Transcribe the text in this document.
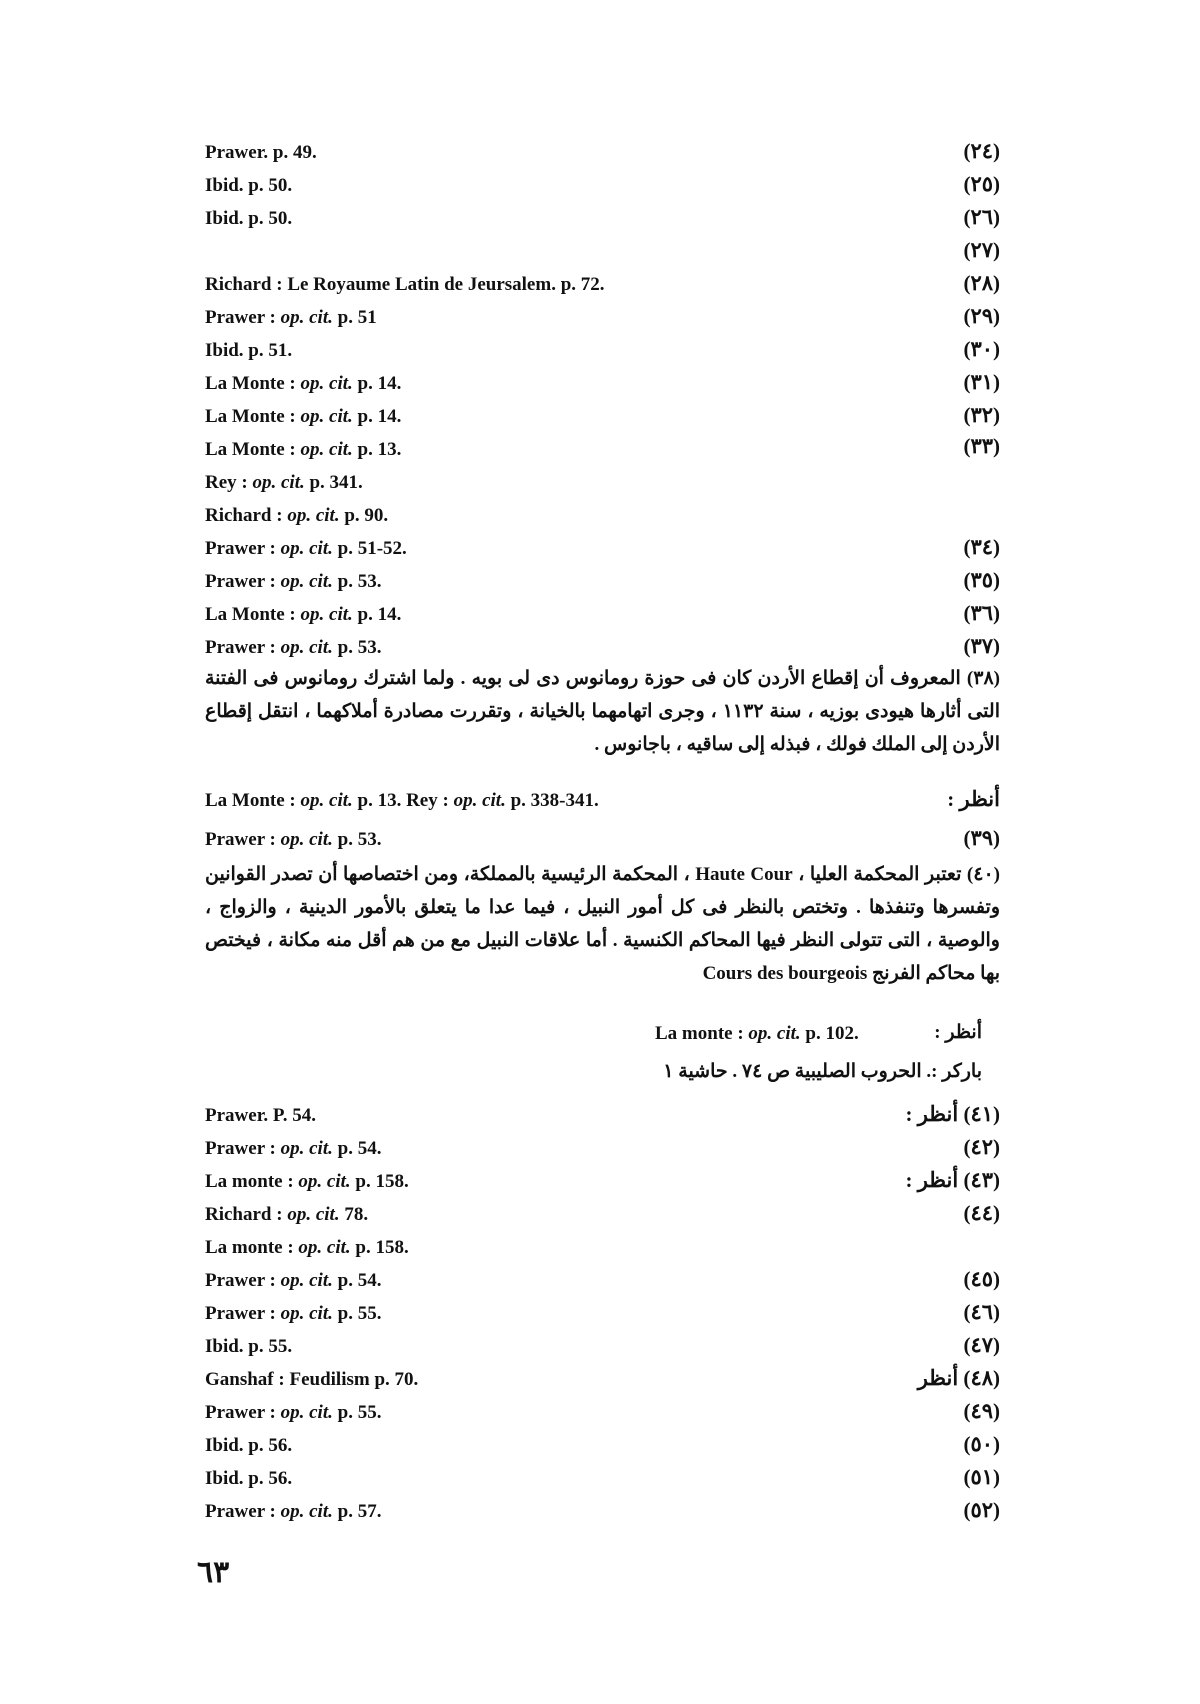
Prawer. p. 49.	(٢٤)
Ibid. p. 50.	(٢٥)
Ibid. p. 50.	(٢٦)
(٢٧)
Richard : Le Royaume Latin de Jeursalem. p. 72.	(٢٨)
Prawer : op. cit. p. 51	(٢٩)
Ibid. p. 51.	(٣٠)
La Monte : op. cit. p. 14.	(٣١)
La Monte : op. cit. p. 14.	(٣٢)
La Monte : op. cit. p. 13.	(٣٣)
Rey : op. cit. p. 341.
Richard : op. cit. p. 90.
Prawer : op. cit. p. 51-52.	(٣٤)
Prawer : op. cit. p. 53.	(٣٥)
La Monte : op. cit. p. 14.	(٣٦)
Prawer : op. cit. p. 53.	(٣٧)
(٣٨) المعروف أن إقطاع الأردن كان فى حوزة رومانوس دى لى بويه . ولما اشترك رومانوس فى الفتنة التى أثارها هيودى بوزيه ، سنة ١١٣٢ ، وجرى اتهامهما بالخيانة ، وتقررت مصادرة أملاكهما ، انتقل إقطاع الأردن إلى الملك فولك ، فبذله إلى ساقيه ، باجانوس .
La Monte : op. cit. p. 13. Rey : op. cit. p. 338-341.	أنظر :
Prawer : op. cit. p. 53.	(٣٩)
(٤٠) تعتبر المحكمة العليا ، Haute Cour ، المحكمة الرئيسية بالمملكة، ومن اختصاصها أن تصدر القوانين وتفسرها وتنفذها . وتختص بالنظر فى كل أمور النبيل ، فيما عدا ما يتعلق بالأمور الدينية ، والزواج ، والوصية ، التى تتولى النظر فيها المحاكم الكنسية . أما علاقات النبيل مع من هم أقل منه مكانة ، فيختص بها محاكم الفرنج Cours des bourgeois
La monte : op. cit. p. 102.	أنظر :
باركر :. الحروب الصليبية ص ٧٤ . حاشية ١
Prawer. P. 54.	(٤١) أنظر :
Prawer : op. cit. p. 54.	(٤٢)
La monte : op. cit. p. 158.	(٤٣) أنظر :
Richard : op. cit. 78.	(٤٤)
La monte : op. cit. p. 158.
Prawer : op. cit. p. 54.	(٤٥)
Prawer : op. cit. p. 55.	(٤٦)
Ibid. p. 55.	(٤٧)
Ganshaf : Feudilism p. 70.	(٤٨) أنظر
Prawer : op. cit. p. 55.	(٤٩)
Ibid. p. 56.	(٥٠)
Ibid. p. 56.	(٥١)
Prawer : op. cit. p. 57.	(٥٢)
٦٣
